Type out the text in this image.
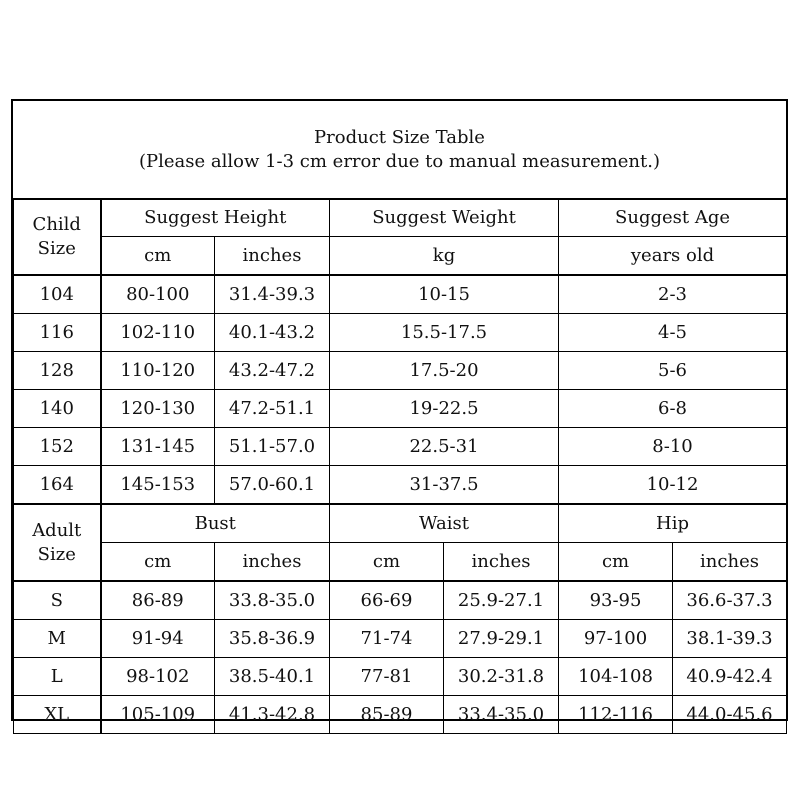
Product Size Table
(Please allow 1-3 cm error due to manual measurement.)
Child
Size	Suggest Height		Suggest Weight		Suggest Age	
	cm	inches	kg		years old	
104	80-100	31.4-39.3	10-15		2-3	
116	102-110	40.1-43.2	15.5-17.5		4-5	
128	110-120	43.2-47.2	17.5-20		5-6	
140	120-130	47.2-51.1	19-22.5		6-8	
152	131-145	51.1-57.0	22.5-31		8-10	
164	145-153	57.0-60.1	31-37.5		10-12	

Adult
Size	Bust		Waist		Hip	
	cm	inches	cm	inches	cm	inches
S	86-89	33.8-35.0	66-69	25.9-27.1	93-95	36.6-37.3
M	91-94	35.8-36.9	71-74	27.9-29.1	97-100	38.1-39.3
L	98-102	38.5-40.1	77-81	30.2-31.8	104-108	40.9-42.4
XL	105-109	41.3-42.8	85-89	33.4-35.0	112-116	44.0-45.6
